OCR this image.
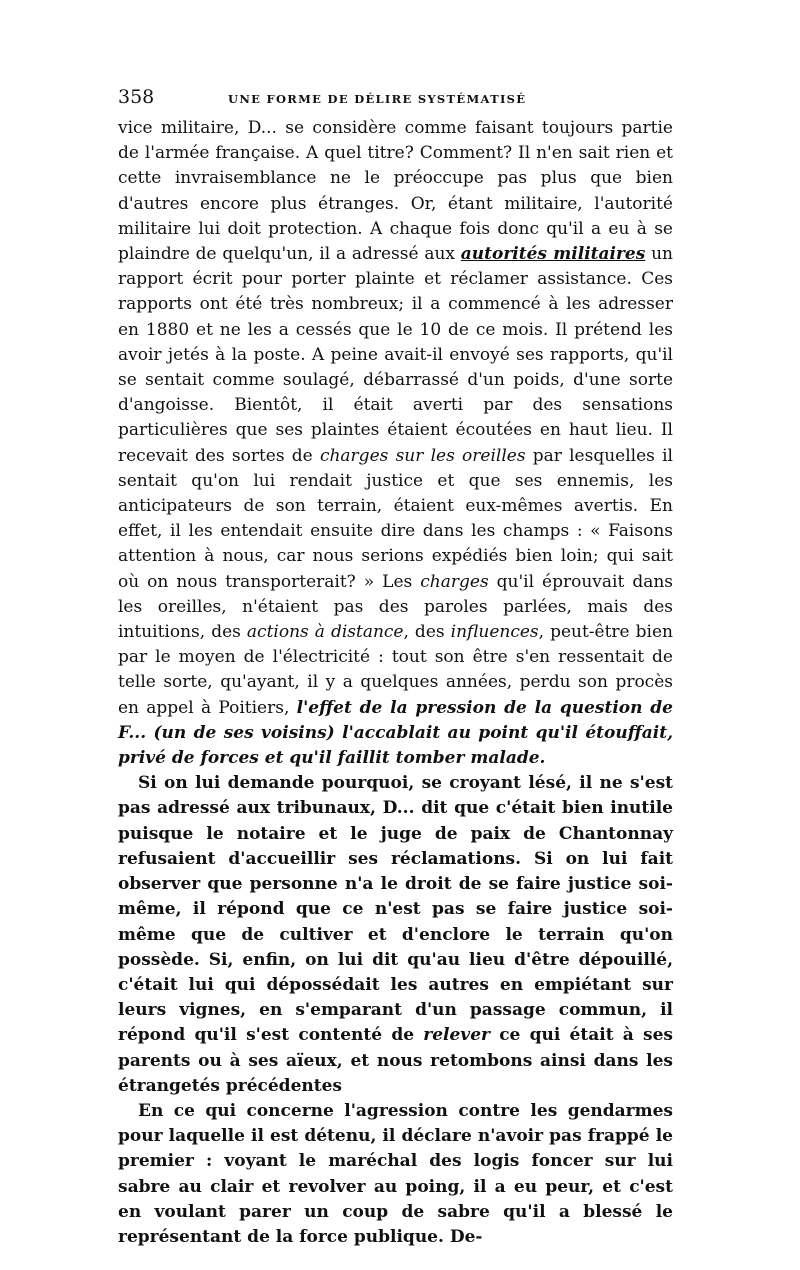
358	UNE FORME DE DÉLIRE SYSTÉMATISÉ

vice militaire, D... se considère comme faisant toujours partie de l'armée française. A quel titre? Comment? Il n'en sait rien et cette invraisemblance ne le préoccupe pas plus que bien d'autres encore plus étranges. Or, étant militaire, l'autorité militaire lui doit protection. A chaque fois donc qu'il a eu à se plaindre de quelqu'un, il a adressé aux autorités militaires un rapport écrit pour porter plainte et réclamer assistance. Ces rapports ont été très nombreux; il a commencé à les adresser en 1880 et ne les a cessés que le 10 de ce mois. Il prétend les avoir jetés à la poste. A peine avait-il envoyé ses rapports, qu'il se sentait comme soulagé, débarrassé d'un poids, d'une sorte d'angoisse. Bientôt, il était averti par des sensations particulières que ses plaintes étaient écoutées en haut lieu. Il recevait des sortes de charges sur les oreilles par lesquelles il sentait qu'on lui rendait justice et que ses ennemis, les anticipateurs de son terrain, étaient eux-mêmes avertis. En effet, il les entendait ensuite dire dans les champs : « Faisons attention à nous, car nous serions expédiés bien loin; qui sait où on nous transporterait? » Les charges qu'il éprouvait dans les oreilles, n'étaient pas des paroles parlées, mais des intuitions, des actions à distance, des influences, peut-être bien par le moyen de l'électricité : tout son être s'en ressentait de telle sorte, qu'ayant, il y a quelques années, perdu son procès en appel à Poitiers, l'effet de la pression de la question de F... (un de ses voisins) l'accablait au point qu'il étouffait, privé de forces et qu'il faillit tomber malade.

Si on lui demande pourquoi, se croyant lésé, il ne s'est pas adressé aux tribunaux, D... dit que c'était bien inutile puisque le notaire et le juge de paix de Chantonnay refusaient d'accueillir ses réclamations. Si on lui fait observer que personne n'a le droit de se faire justice soi-même, il répond que ce n'est pas se faire justice soi-même que de cultiver et d'enclore le terrain qu'on possède. Si, enfin, on lui dit qu'au lieu d'être dépouillé, c'était lui qui dépossédait les autres en empiétant sur leurs vignes, en s'emparant d'un passage commun, il répond qu'il s'est contenté de relever ce qui était à ses parents ou à ses aïeux, et nous retombons ainsi dans les étrangetés précédentes

En ce qui concerne l'agression contre les gendarmes pour laquelle il est détenu, il déclare n'avoir pas frappé le premier : voyant le maréchal des logis foncer sur lui sabre au clair et revolver au poing, il a eu peur, et c'est en voulant parer un coup de sabre qu'il a blessé le représentant de la force publique. De-
